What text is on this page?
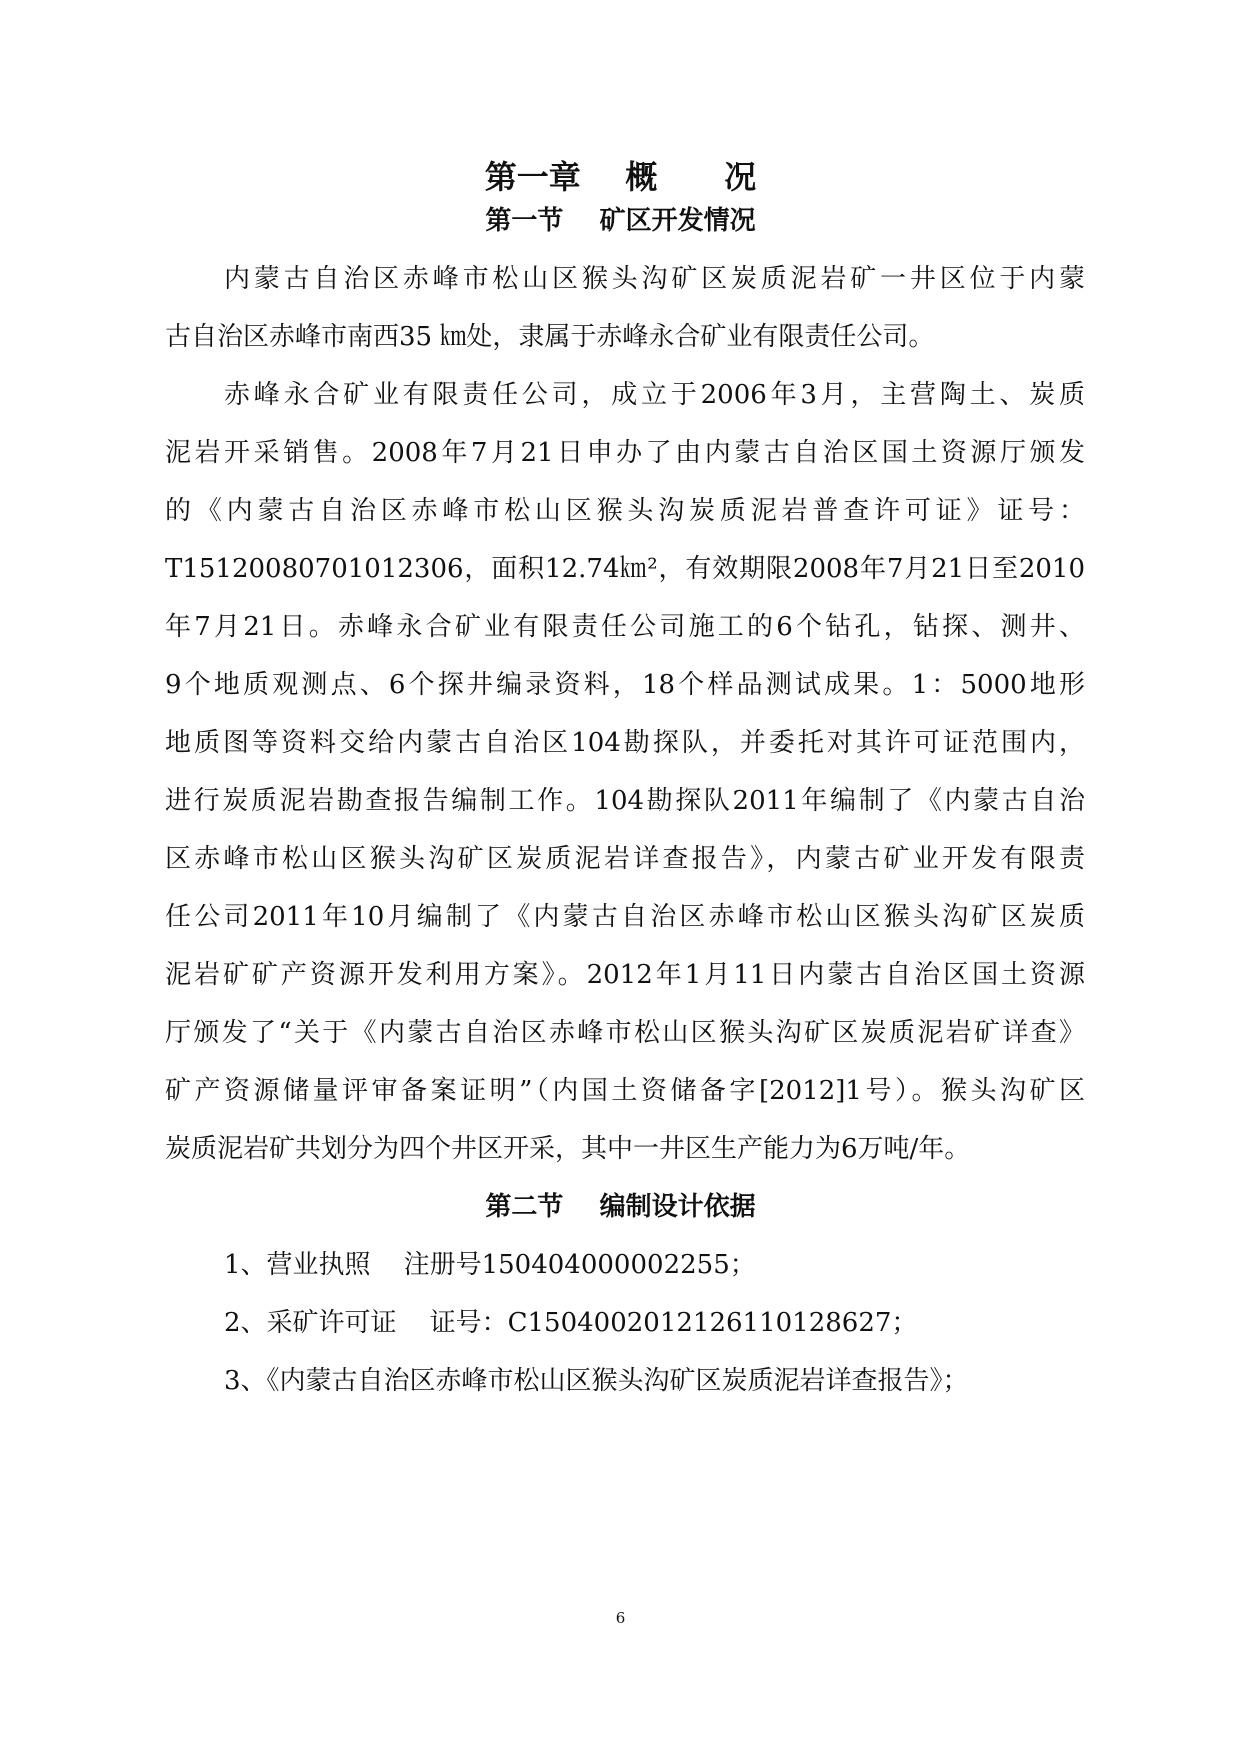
第一章    概      况
第一节    矿区开发情况
内蒙古自治区赤峰市松山区猴头沟矿区炭质泥岩矿一井区位于内蒙
古自治区赤峰市南西35 ㎞处，隶属于赤峰永合矿业有限责任公司。
赤峰永合矿业有限责任公司，成立于2006年3月，主营陶土、炭质
泥岩开采销售。2008年7月21日申办了由内蒙古自治区国土资源厅颁发
的《内蒙古自治区赤峰市松山区猴头沟炭质泥岩普查许可证》证号：
T15120080701012306，面积12.74㎞²，有效期限2008年7月21日至2010
年7月21日。赤峰永合矿业有限责任公司施工的6个钻孔，钻探、测井、
9个地质观测点、6个探井编录资料，18个样品测试成果。1：5000地形
地质图等资料交给内蒙古自治区104勘探队，并委托对其许可证范围内，
进行炭质泥岩勘查报告编制工作。104勘探队2011年编制了《内蒙古自治
区赤峰市松山区猴头沟矿区炭质泥岩详查报告》，内蒙古矿业开发有限责
任公司2011年10月编制了《内蒙古自治区赤峰市松山区猴头沟矿区炭质
泥岩矿矿产资源开发利用方案》。2012年1月11日内蒙古自治区国土资源
厅颁发了“关于《内蒙古自治区赤峰市松山区猴头沟矿区炭质泥岩矿详查》
矿产资源储量评审备案证明”（内国土资储备字[2012]1号）。猴头沟矿区
炭质泥岩矿共划分为四个井区开采，其中一井区生产能力为6万吨/年。
第二节    编制设计依据
1、营业执照    注册号150404000002255；
2、采矿许可证    证号：C1504002012126110128627；
3、《内蒙古自治区赤峰市松山区猴头沟矿区炭质泥岩详查报告》；
6
